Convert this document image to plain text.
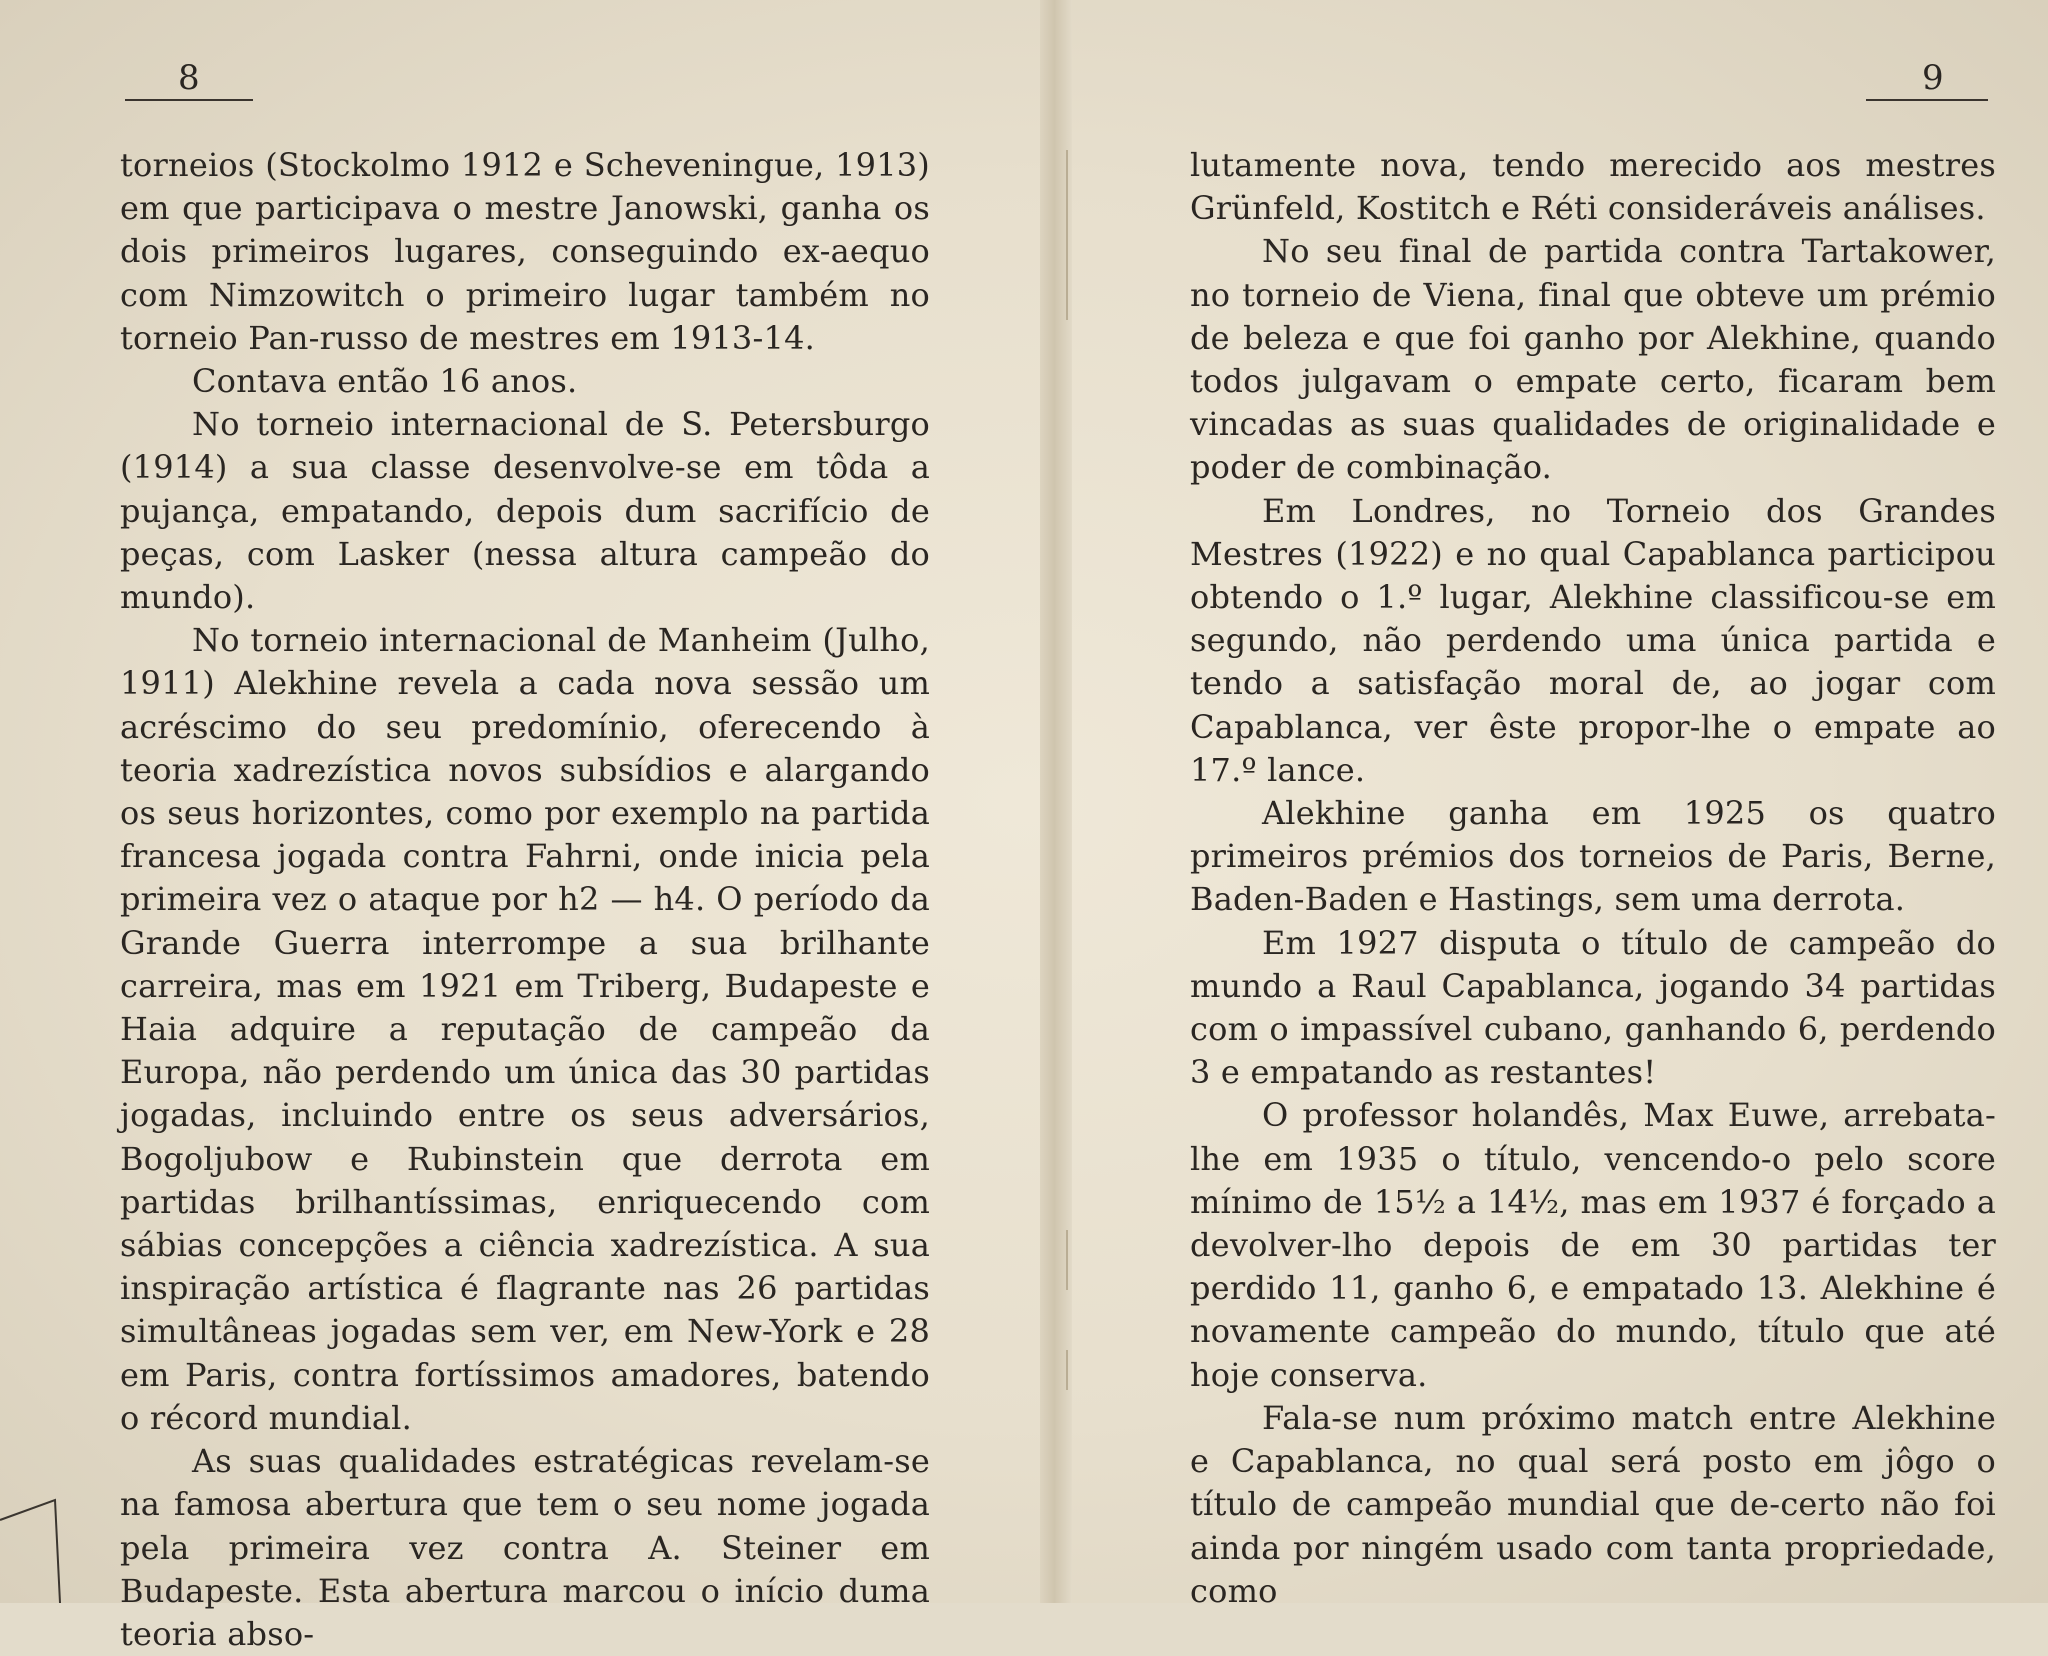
8

torneios (Stockolmo 1912 e Scheveningue, 1913) em que participava o mestre Janowski, ganha os dois primeiros lugares, conseguindo ex-aequo com Nimzowitch o primeiro lugar também no torneio Pan-russo de mestres em 1913-14.

Contava então 16 anos.

No torneio internacional de S. Petersburgo (1914) a sua classe desenvolve-se em tôda a pujança, empatando, depois dum sacrifício de peças, com Lasker (nessa altura campeão do mundo).

No torneio internacional de Manheim (Julho, 1911) Alekhine revela a cada nova sessão um acréscimo do seu predomínio, oferecendo à teoria xadrezística novos subsídios e alargando os seus horizontes, como por exemplo na partida francesa jogada contra Fahrni, onde inicia pela primeira vez o ataque por h2 — h4. O período da Grande Guerra interrompe a sua brilhante carreira, mas em 1921 em Triberg, Budapeste e Haia adquire a reputação de campeão da Europa, não perdendo um única das 30 partidas jogadas, incluindo entre os seus adversários, Bogoljubow e Rubinstein que derrota em partidas brilhantíssimas, enriquecendo com sábias concepções a ciência xadrezística. A sua inspiração artística é flagrante nas 26 partidas simultâneas jogadas sem ver, em New-York e 28 em Paris, contra fortíssimos amadores, batendo o récord mundial.

As suas qualidades estratégicas revelam-se na famosa abertura que tem o seu nome jogada pela primeira vez contra A. Steiner em Budapeste. Esta abertura marcou o início duma teoria abso-

9

lutamente nova, tendo merecido aos mestres Grünfeld, Kostitch e Réti consideráveis análises.

No seu final de partida contra Tartakower, no torneio de Viena, final que obteve um prémio de beleza e que foi ganho por Alekhine, quando todos julgavam o empate certo, ficaram bem vincadas as suas qualidades de originalidade e poder de combinação.

Em Londres, no Torneio dos Grandes Mestres (1922) e no qual Capablanca participou obtendo o 1.º lugar, Alekhine classificou-se em segundo, não perdendo uma única partida e tendo a satisfação moral de, ao jogar com Capablanca, ver êste propor-lhe o empate ao 17.º lance.

Alekhine ganha em 1925 os quatro primeiros prémios dos torneios de Paris, Berne, Baden-Baden e Hastings, sem uma derrota.

Em 1927 disputa o título de campeão do mundo a Raul Capablanca, jogando 34 partidas com o impassível cubano, ganhando 6, perdendo 3 e empatando as restantes!

O professor holandês, Max Euwe, arrebata-lhe em 1935 o título, vencendo-o pelo score mínimo de 15½ a 14½, mas em 1937 é forçado a devolver-lho depois de em 30 partidas ter perdido 11, ganho 6, e empatado 13. Alekhine é novamente campeão do mundo, título que até hoje conserva.

Fala-se num próximo match entre Alekhine e Capablanca, no qual será posto em jôgo o título de campeão mundial que de-certo não foi ainda por ningém usado com tanta propriedade, como
